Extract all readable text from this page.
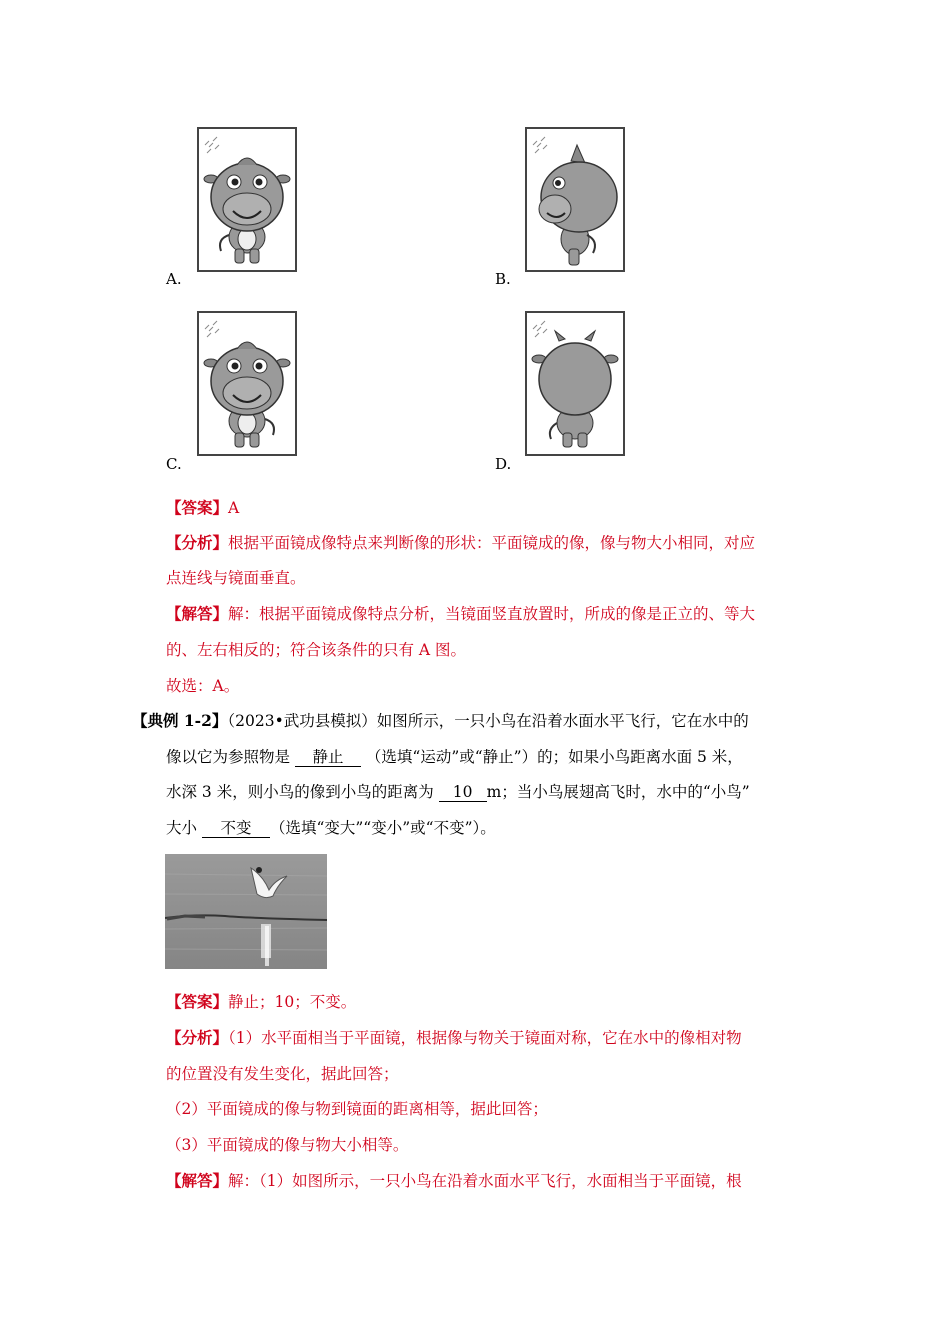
A.	B.
C.	D.
【答案】A
【分析】根据平面镜成像特点来判断像的形状：平面镜成的像，像与物大小相同，对应
点连线与镜面垂直。
【解答】解：根据平面镜成像特点分析，当镜面竖直放置时，所成的像是正立的、等大
的、左右相反的；符合该条件的只有 A 图。
故选：A。
【典例 1-2】（2023•武功县模拟）如图所示，一只小鸟在沿着水面水平飞行，它在水中的
像以它为参照物是 静止 （选填“运动”或“静止”）的；如果小鸟距离水面 5 米，
水深 3 米，则小鸟的像到小鸟的距离为 10 m；当小鸟展翅高飞时，水中的“小鸟”
大小 不变 （选填“变大”“变小”或“不变”）。
【答案】静止；10；不变。
【分析】（1）水平面相当于平面镜，根据像与物关于镜面对称，它在水中的像相对物
的位置没有发生变化，据此回答；
（2）平面镜成的像与物到镜面的距离相等，据此回答；
（3）平面镜成的像与物大小相等。
【解答】解：（1）如图所示，一只小鸟在沿着水面水平飞行，水面相当于平面镜，根
